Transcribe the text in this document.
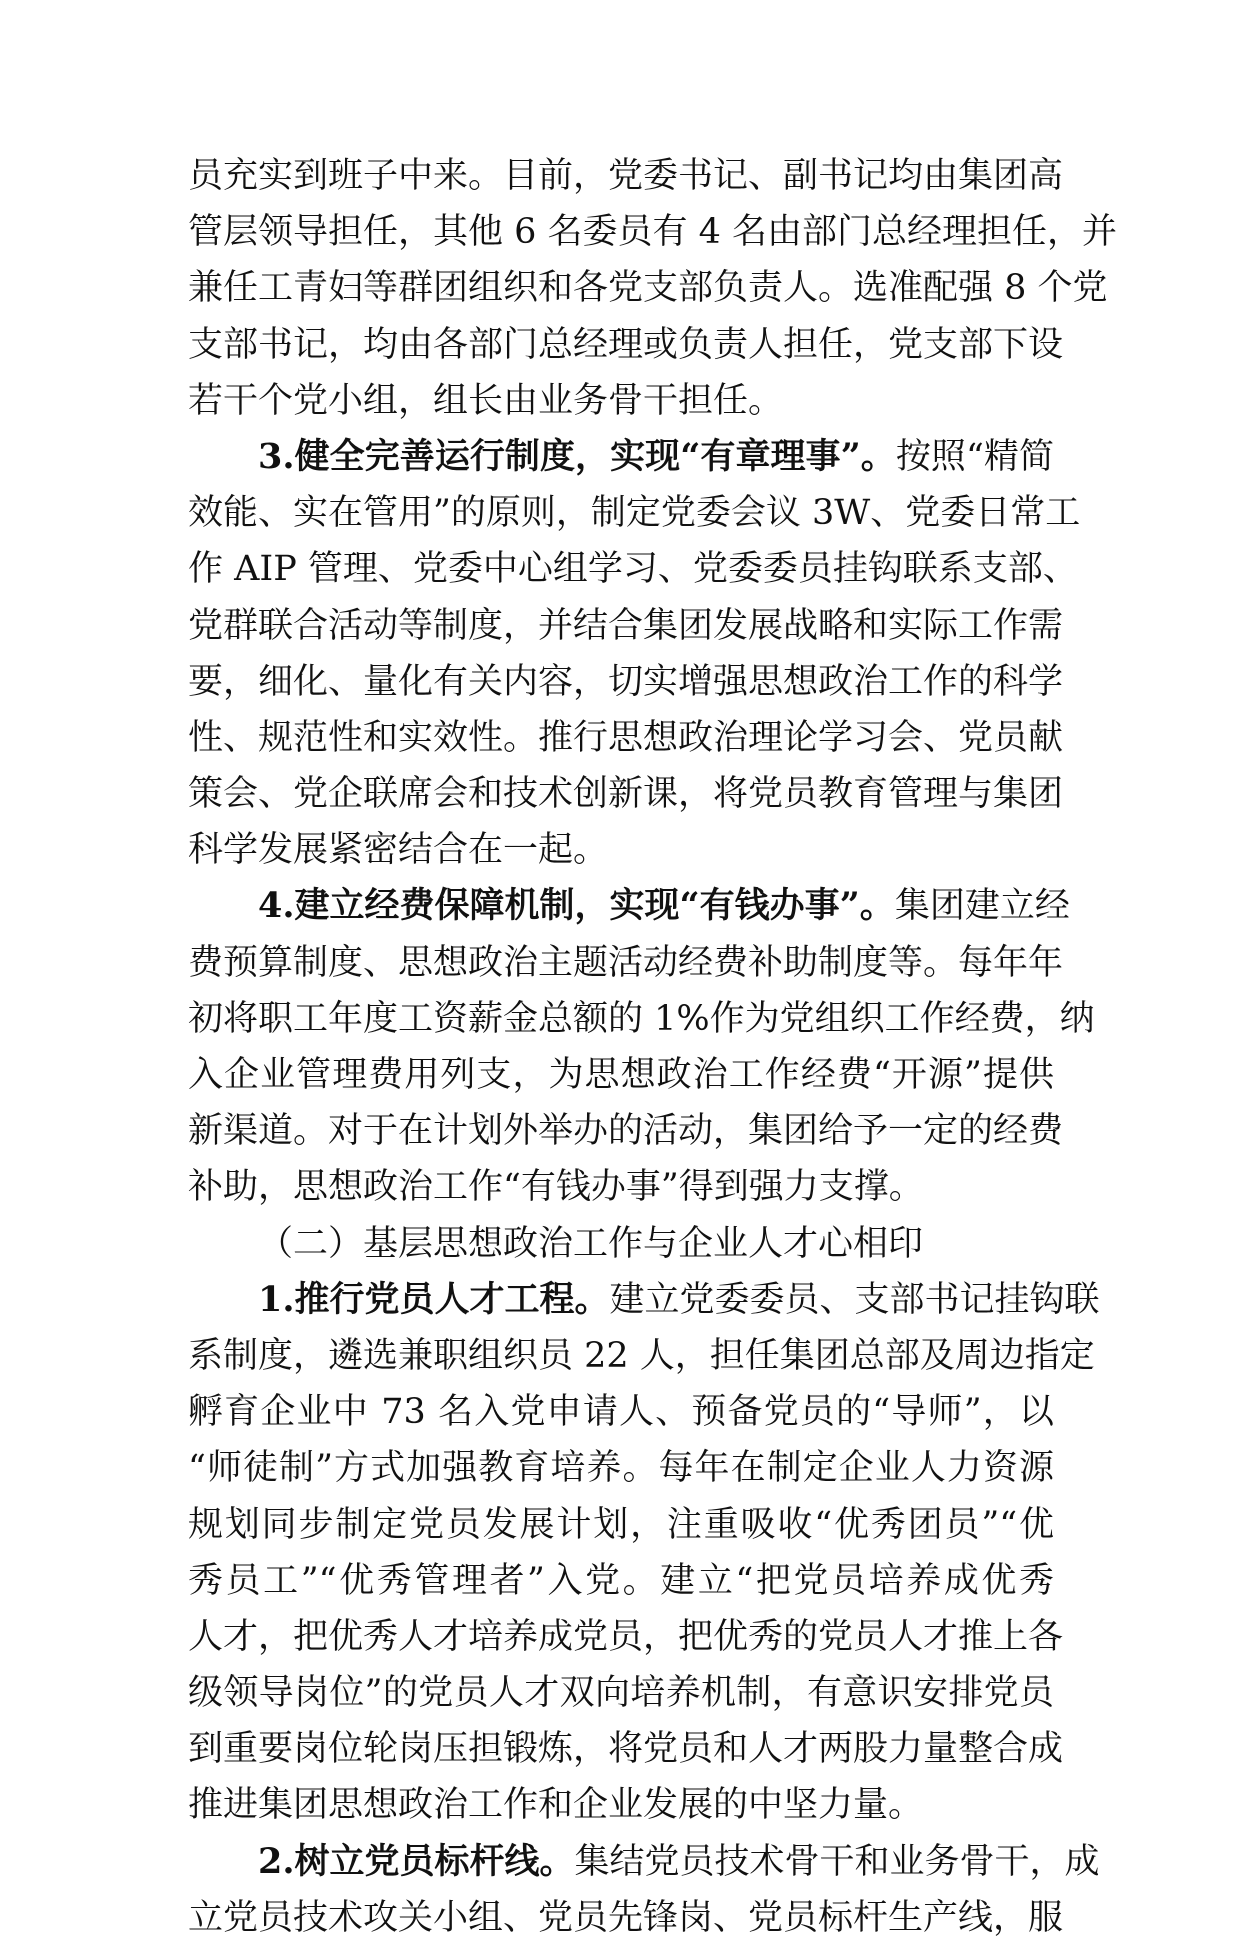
员充实到班子中来。目前，党委书记、副书记均由集团高
管层领导担任，其他 6 名委员有 4 名由部门总经理担任，并
兼任工青妇等群团组织和各党支部负责人。选准配强 8 个党
支部书记，均由各部门总经理或负责人担任，党支部下设
若干个党小组，组长由业务骨干担任。
3.健全完善运行制度，实现“有章理事”。按照“精简
效能、实在管用”的原则，制定党委会议 3W、党委日常工
作 AIP 管理、党委中心组学习、党委委员挂钩联系支部、
党群联合活动等制度，并结合集团发展战略和实际工作需
要，细化、量化有关内容，切实增强思想政治工作的科学
性、规范性和实效性。推行思想政治理论学习会、党员献
策会、党企联席会和技术创新课，将党员教育管理与集团
科学发展紧密结合在一起。
4.建立经费保障机制，实现“有钱办事”。集团建立经
费预算制度、思想政治主题活动经费补助制度等。每年年
初将职工年度工资薪金总额的 1%作为党组织工作经费，纳
入企业管理费用列支，为思想政治工作经费“开源”提供
新渠道。对于在计划外举办的活动，集团给予一定的经费
补助，思想政治工作“有钱办事”得到强力支撑。
（二）基层思想政治工作与企业人才心相印
1.推行党员人才工程。建立党委委员、支部书记挂钩联
系制度，遴选兼职组织员 22 人，担任集团总部及周边指定
孵育企业中 73 名入党申请人、预备党员的“导师”，以
“师徒制”方式加强教育培养。每年在制定企业人力资源
规划同步制定党员发展计划，注重吸收“优秀团员”“优
秀员工”“优秀管理者”入党。建立“把党员培养成优秀
人才，把优秀人才培养成党员，把优秀的党员人才推上各
级领导岗位”的党员人才双向培养机制，有意识安排党员
到重要岗位轮岗压担锻炼，将党员和人才两股力量整合成
推进集团思想政治工作和企业发展的中坚力量。
2.树立党员标杆线。集结党员技术骨干和业务骨干，成
立党员技术攻关小组、党员先锋岗、党员标杆生产线，服
